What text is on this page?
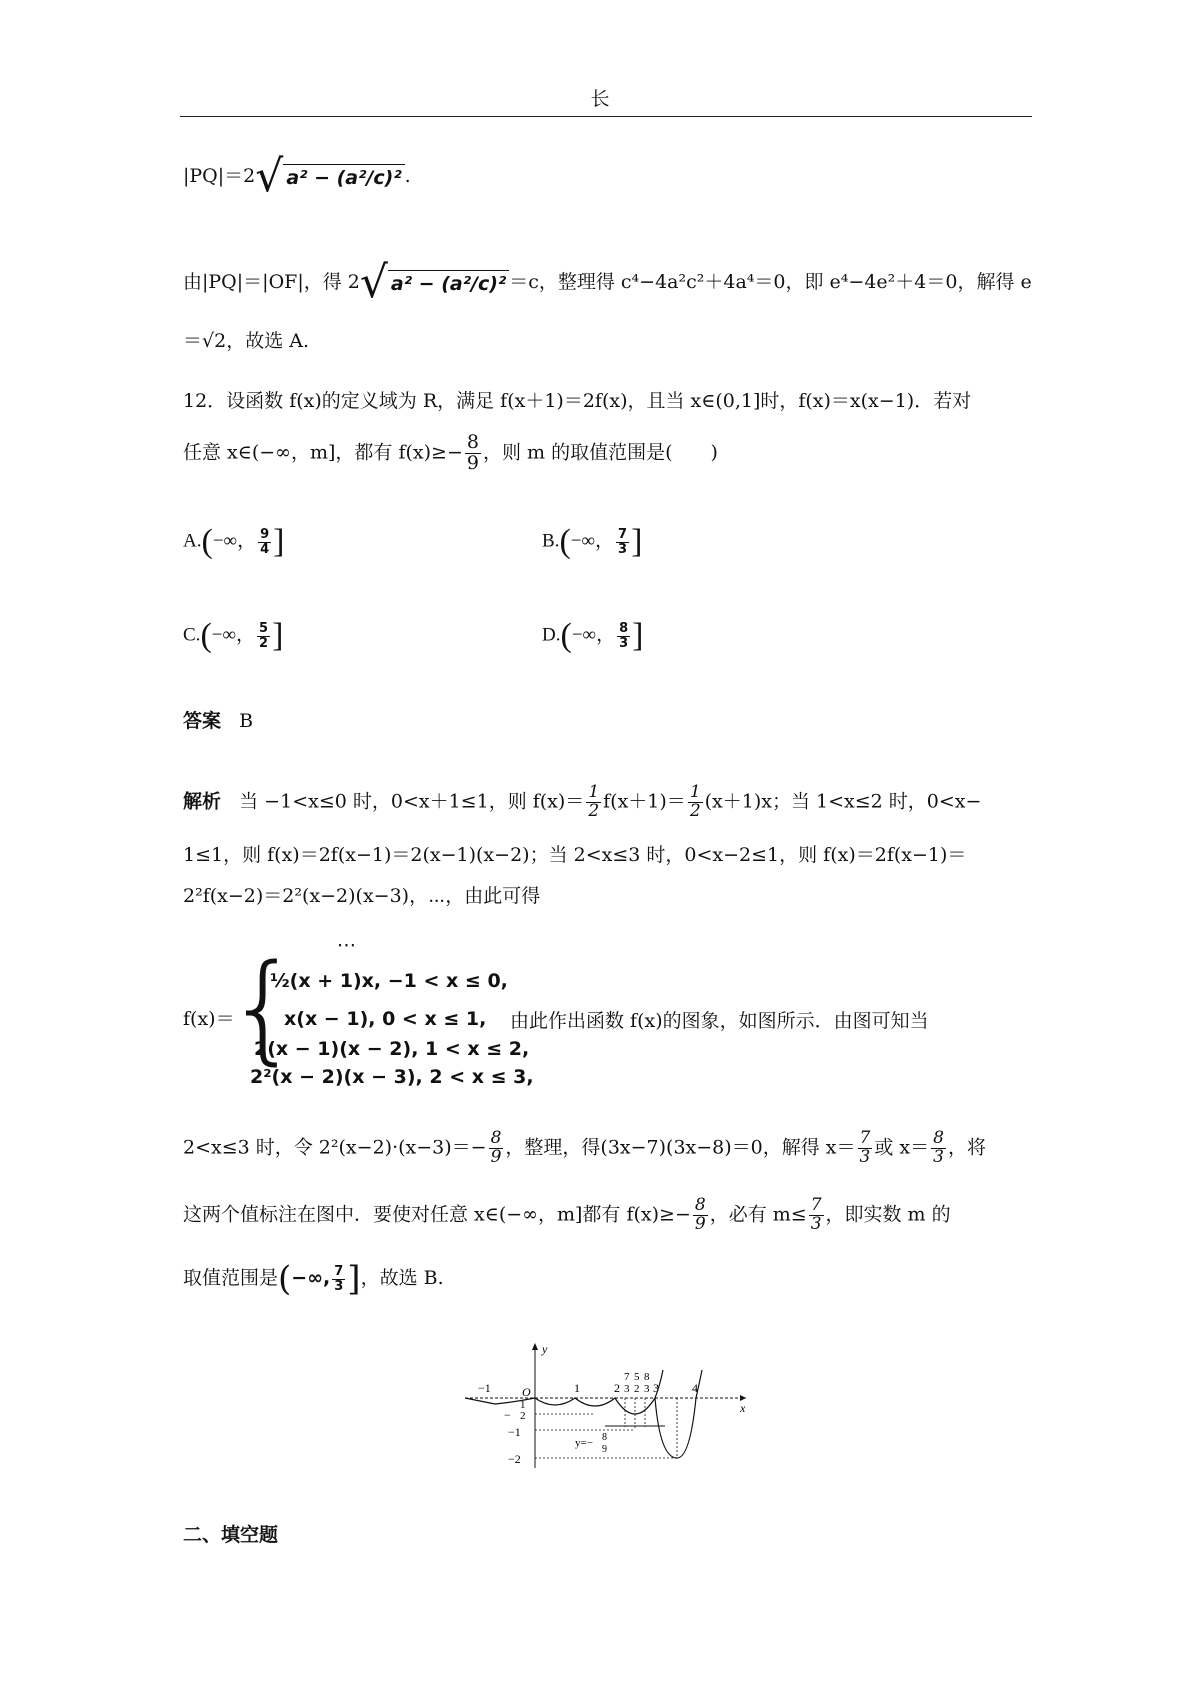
长
|PQ|＝2√ a² − (a²/c)² .
由|PQ|＝|OF|，得 2√ a² − (a²/c)² ＝c，整理得 c⁴−4a²c²＋4a⁴＝0，即 e⁴−4e²＋4＝0，解得 e
＝√2，故选 A.
12．设函数 f(x)的定义域为 R，满足 f(x＋1)＝2f(x)，且当 x∈(0,1]时，f(x)＝x(x−1)．若对
任意 x∈(−∞，m]，都有 $f(x)\ge- \frac{8}{9}$ ，则 m 的取值范围是(　　)
A.(−∞， $\frac{9}{4}$ ]	B.(−∞， $\frac{7}{3}$ ]
C.(−∞， $\frac{5}{2}$ ]	D.(−∞， $\frac{8}{3}$ ]
答案 B
解析 当 −1<x≤0 时，0<x＋1≤1，则 $f(x)= \frac{1}{2} f(x+1)= \frac{1}{2} (x+1)x$；当 1<x≤2 时，0<x−
1≤1，则 f(x)＝2f(x−1)＝2(x−1)(x−2)；当 2<x≤3 时，0<x−2≤1，则 f(x)＝2f(x−1)＝
2²f(x−2)＝2²(x−2)(x−3)，⋯，由此可得
f(x)＝
{ ⋯
½(x + 1)x, −1 < x ≤ 0,
x(x − 1), 0 < x ≤ 1,
2(x − 1)(x − 2), 1 < x ≤ 2,
2²(x − 2)(x − 3), 2 < x ≤ 3,
由此作出函数 f(x)的图象，如图所示．由图可知当
2<x≤3 时，令 $2^2(x-2)\cdot(x-3)=- \frac{8}{9}$ ，整理，得(3x−7)(3x−8)＝0，解得 $x= \frac{7}{3}$ 或 $x= \frac{8}{3}$ ，将
这两个值标注在图中．要使对任意 x∈(−∞，m]都有 $f(x)\ge- \frac{8}{9}$ ，必有 $m\le \frac{7}{3}$ ，即实数 m 的
取值范围是(−∞, $\frac{7}{3}$ ]，故选 B.
y
x
O
−1	1	2
7
3
5
2
8
3 3	4
1
− 2
−1
−2
y=− 8
9
二、填空题
